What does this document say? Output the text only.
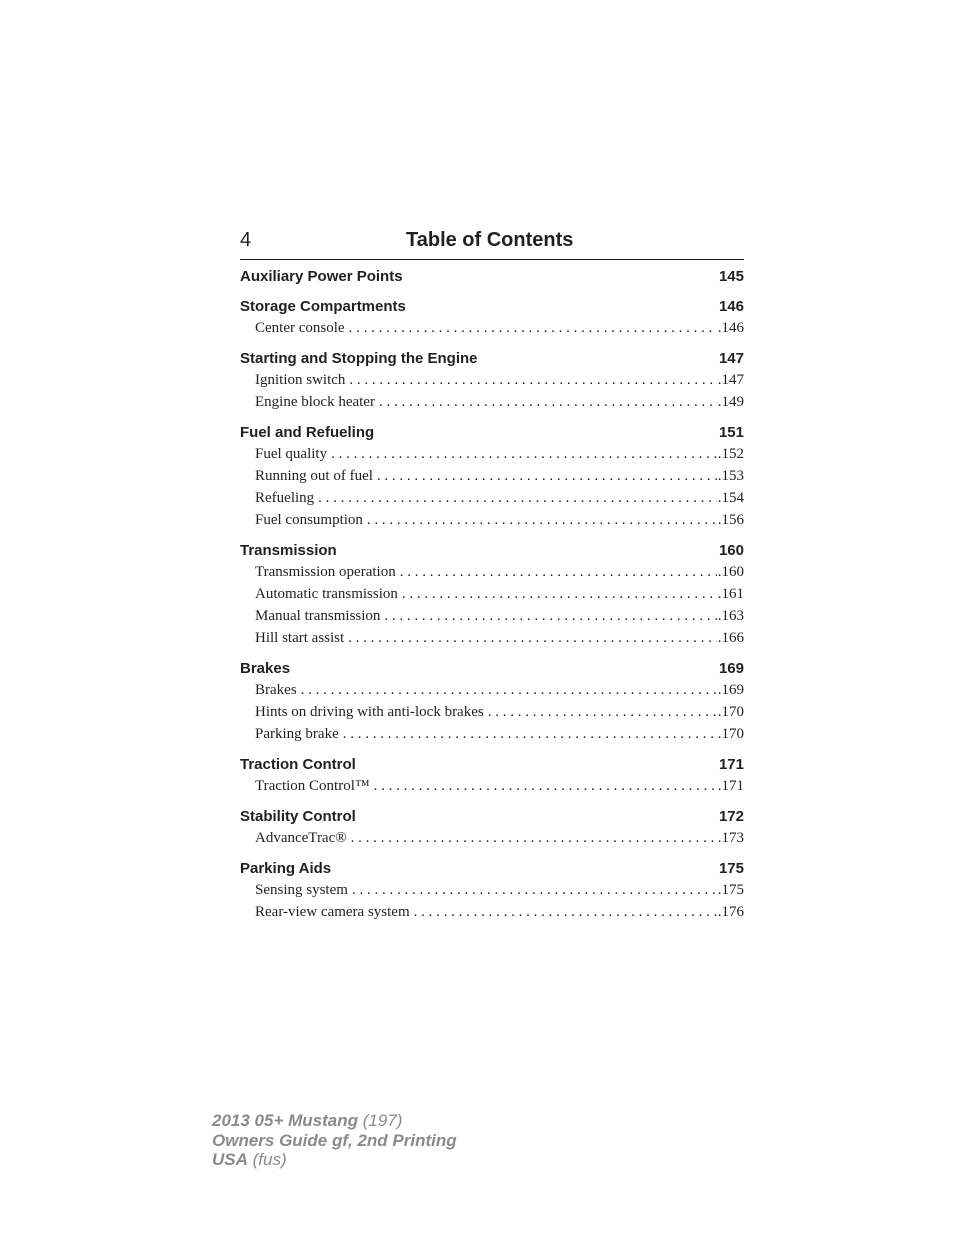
4	Table of Contents
Auxiliary Power Points	145
Storage Compartments	146
Center console . . .	.146
Starting and Stopping the Engine	147
Ignition switch . . .	.147
Engine block heater . . .	.149
Fuel and Refueling	151
Fuel quality . . .	.152
Running out of fuel . . .	.153
Refueling . . .	.154
Fuel consumption . . .	.156
Transmission	160
Transmission operation . . .	.160
Automatic transmission . . .	.161
Manual transmission . . .	.163
Hill start assist . . .	.166
Brakes	169
Brakes . . .	.169
Hints on driving with anti-lock brakes . . .	.170
Parking brake . . .	.170
Traction Control	171
Traction Control™ . . .	.171
Stability Control	172
AdvanceTrac® . . .	.173
Parking Aids	175
Sensing system . . .	.175
Rear-view camera system . . .	.176
2013 05+ Mustang (197)
Owners Guide gf, 2nd Printing
USA (fus)
